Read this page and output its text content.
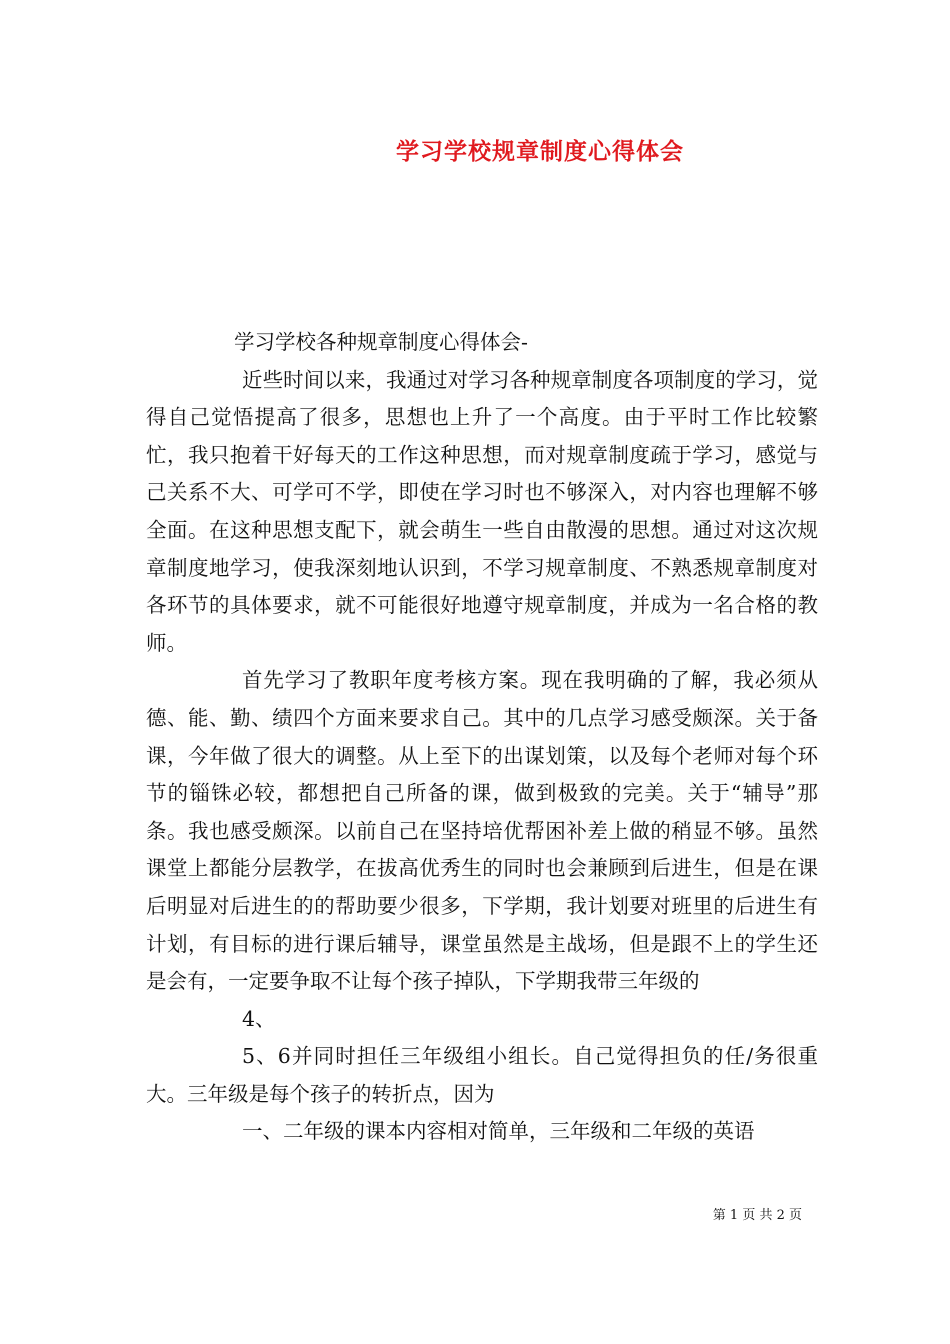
学习学校规章制度心得体会

学习学校各种规章制度心得体会-

近些时间以来，我通过对学习各种规章制度各项制度的学习，觉得自己觉悟提高了很多，思想也上升了一个高度。由于平时工作比较繁忙，我只抱着干好每天的工作这种思想，而对规章制度疏于学习，感觉与己关系不大、可学可不学，即使在学习时也不够深入，对内容也理解不够全面。在这种思想支配下，就会萌生一些自由散漫的思想。通过对这次规章制度地学习，使我深刻地认识到，不学习规章制度、不熟悉规章制度对各环节的具体要求，就不可能很好地遵守规章制度，并成为一名合格的教师。

首先学习了教职年度考核方案。现在我明确的了解，我必须从德、能、勤、绩四个方面来要求自己。其中的几点学习感受颇深。关于备课，今年做了很大的调整。从上至下的出谋划策，以及每个老师对每个环节的锱铢必较，都想把自己所备的课，做到极致的完美。关于“辅导”那条。我也感受颇深。以前自己在坚持培优帮困补差上做的稍显不够。虽然课堂上都能分层教学，在拔高优秀生的同时也会兼顾到后进生，但是在课后明显对后进生的的帮助要少很多，下学期，我计划要对班里的后进生有计划，有目标的进行课后辅导，课堂虽然是主战场，但是跟不上的学生还是会有，一定要争取不让每个孩子掉队，下学期我带三年级的

4、

5、6并同时担任三年级组小组长。自己觉得担负的任/务很重大。三年级是每个孩子的转折点，因为

一、二年级的课本内容相对简单，三年级和二年级的英语

第 1 页 共 2 页
